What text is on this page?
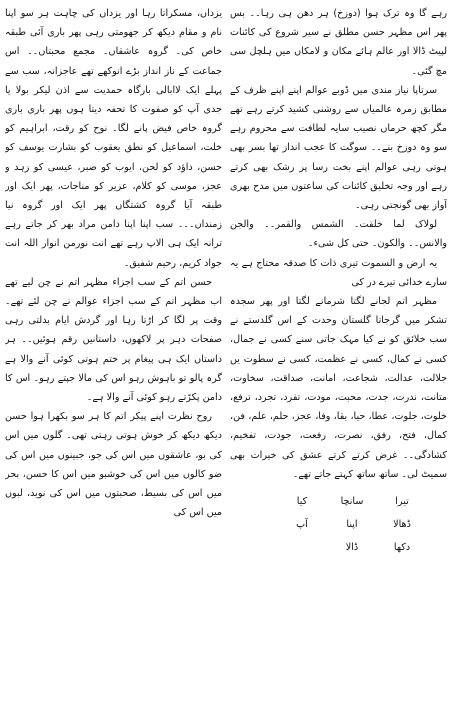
رہے گا وہ ترک ہوا (دوزخ) ہر دھن ہی رہا۔۔ بس پھر اس مظہر حسن مطلق نے سیر شروع کی کائنات لپیٹ ڈالا اور عالم ہائے مکان و لامکاں میں ہلچل سی مچ گئی۔

سرتاپا نیاز مندی میں ڈوبے عوالم اپنے اپنے ظرف کے مطابق زمرہ عالمیاں سے روشنی کشید کرتے رہے تھے مگر کچھ حرماں نصیب سایہ لطافت سے محروم رہے سو وہ دوزخ بنے۔۔ سوگت کا عجب انداز تھا بسر بھی ہوتی رہی عوالم اپنے بخت رسا پر رشک بھی کرتے رہے اور وجہ تخلیق کائنات کی ساعتوں میں مدح بھری آواز بھی گونجتی رہی۔

لولاک لما خلقت۔ الشمس والقمر۔۔ والجن والانس۔۔ والکون۔ حتی کل شیء۔

یہ ارض و السموت تیری ذات کا صدقہ محتاج ہے یہ سارے خدائی تیرے در کی

مظہر اتم لجانے لگتا شرمانے لگتا اور پھر سجدہ تشکر میں گرجاتا گلستان وحدت کے اس گلدستے نے سب خلائق کو نے کیا مہک جاتی سنے کسی نے جمال، کسی نے کمال، کسی نے عظمت، کسی نے سطوت یں جلالت، عدالت، شجاعت، امانت، صداقت، سخاوت، متانت، ندرت، جدت، محبت، مودت، تفرد، تجرد، ترفع، خلوت، جلوت، عطا، حیا، بقا، وفا، عجز، حلم، علم، فن، کمال، فتح، رفق، نصرت، رفعت، جودت، تفخیم، کشادگی۔۔ غرض کرتے کرتے عشق کی خیرات بھی سمیٹ لی۔ ساتھ ساتھ کہتے جاتے تھے۔

تیرا
سانچا
کیا
ڈھالا
اپنا
آپ
دکھا
ڈالا

یزداں، مسکراتا رہا اور یزداں کی چاہت ہر سو اپنا نام و مقام دیکھ کر جھومتی رہی پھر باری آئی طبقہ خاص کی۔ گروہ عاشقاں۔ مجمع محبتاں۔۔ اس جماعت کے ناز انداز بڑے انوکھے تھے عاجزانہ، سب سے پہلے ایک لاابالی بارگاہ حمدیت سے اذن لیکر بولا یا جدی آپ کو صفوت کا تحفہ دیتا ہوں پھر باری باری گروہ خاص فیض پانے لگا۔ نوح کو رقت، ابراہیم کو خلت، اسماعیل کو نطق یعقوب کو بشارت یوسف کو حسن، داؤد کو لحن، ایوب کو صبر، عیسی کو زہد و عجز، موسی کو کلام، عزیر کو مناجات، پھر ایک اور طبقہ آیا گروہ کشتگاں پھر ایک اور گروہ نیا زمنداں۔۔۔ سب اپنا اپنا دامن مراد بھر کر جاتے رہے ترانہ ایک ہی الاپ رہے تھے انت نورمن انوار اللہ انت جواد کریم، رحیم شفیق۔

حسن اتم کے سب اجزاء مظہر اتم نے چن لیے تھے اب مظہر اتم کے سب اجزاء عوالم نے چن لئے تھے۔ وقت پر لگا کر اڑتا رہا اور گردش ایام بدلتی رہی صفحات دہر پر لاکھوں، داستانیں رقم ہوئیں۔۔ ہر داستاں ایک ہی پیغام پر ختم ہوتی کوئی آنے والا ہے گرہ پالو تو باہوش رہو اس کی مالا جپتے رہو۔ اس کا دامن پکڑتے رہو کوئی آنے والا ہے۔

روح نظرت اپنے پیکر اتم کا ہر سو بکھرا ہوا حسن دیکھ دیکھ کر خوش ہوتی رہتی تھی۔ گلوں میں اس کی بو، عاشقوں میں اس کی جو، جبینوں میں اس کی ضو کالوں میں اس کی خوشبو میں اس کا حسن، بحر میں اس کی بسیط، صحبتوں میں اس کی نوید، لبوں میں اس کی
